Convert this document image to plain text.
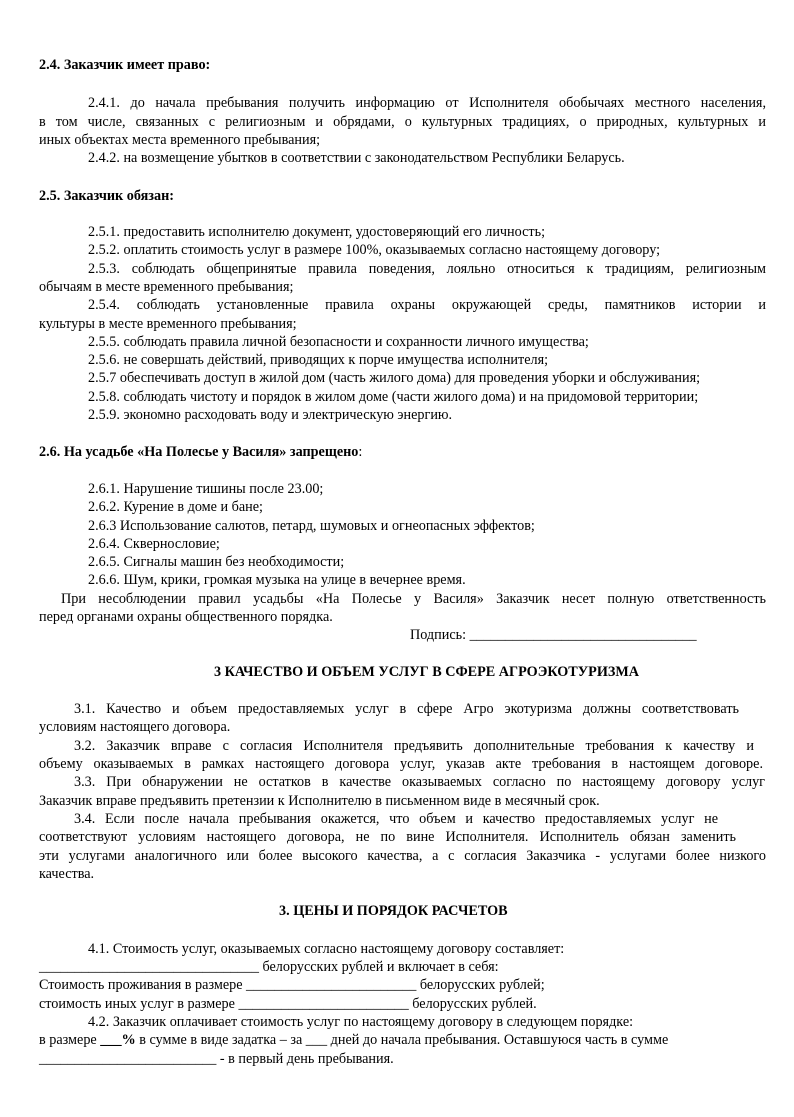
2.4. Заказчик имеет право:
2.4.1. до начала пребывания получить информацию от Исполнителя обобычаях местного населения,
в том числе, связанных с религиозным и обрядами, о культурных традициях, о природных, культурных и
иных объектах места временного пребывания;
2.4.2. на возмещение убытков в соответствии с законодательством Республики Беларусь.
2.5. Заказчик обязан:
2.5.1. предоставить исполнителю документ, удостоверяющий его личность;
2.5.2. оплатить стоимость услуг в размере 100%, оказываемых согласно настоящему договору;
2.5.3. соблюдать общепринятые правила поведения, лояльно относиться к традициям, религиозным
обычаям в месте временного пребывания;
2.5.4. соблюдать установленные правила охраны окружающей среды, памятников истории и
культуры в месте временного пребывания;
2.5.5. соблюдать правила личной безопасности и сохранности личного имущества;
2.5.6. не совершать действий, приводящих к порче имущества исполнителя;
2.5.7 обеспечивать доступ в жилой дом (часть жилого дома) для проведения уборки и обслуживания;
2.5.8. соблюдать чистоту и порядок в жилом доме (части жилого дома) и на придомовой территории;
2.5.9. экономно расходовать воду и электрическую энергию.
2.6. На усадьбе «На Полесье у Василя» запрещено:
2.6.1. Нарушение тишины после 23.00;
2.6.2. Курение в доме и бане;
2.6.3 Использование салютов, петард, шумовых и огнеопасных эффектов;
2.6.4. Сквернословие;
2.6.5. Сигналы машин без необходимости;
2.6.6. Шум, крики, громкая музыка на улице в вечернее время.
При несоблюдении правил усадьбы «На Полесье у Василя» Заказчик несет полную ответственность
перед органами охраны общественного порядка.
Подпись: ________________________________
3 КАЧЕСТВО И ОБЪЕМ УСЛУГ В СФЕРЕ АГРОЭКОТУРИЗМА
3.1. Качество и объем предоставляемых услуг в сфере Агро экотуризма должны соответствовать
условиям настоящего договора.
3.2. Заказчик вправе с согласия Исполнителя предъявить дополнительные требования к качеству и
объему оказываемых в рамках настоящего договора услуг, указав акте требования в настоящем договоре.
3.3. При обнаружении не остатков в качестве оказываемых согласно по настоящему договору услуг
Заказчик вправе предъявить претензии к Исполнителю в письменном виде в месячный срок.
3.4. Если после начала пребывания окажется, что объем и качество предоставляемых услуг не
соответствуют условиям настоящего договора, не по вине Исполнителя. Исполнитель обязан заменить
эти услугами аналогичного или более высокого качества, а с согласия Заказчика - услугами более низкого
качества.
3. ЦЕНЫ И ПОРЯДОК РАСЧЕТОВ
4.1. Стоимость услуг, оказываемых согласно настоящему договору составляет:
_______________________________ белорусских рублей и включает в себя:
Стоимость проживания в размере ________________________ белорусских рублей;
стоимость иных услуг в размере ________________________ белорусских рублей.
4.2. Заказчик оплачивает стоимость услуг по настоящему договору в следующем порядке:
в размере ___% в сумме в виде задатка – за ___ дней до начала пребывания. Оставшуюся часть в сумме
_________________________ - в первый день пребывания.
